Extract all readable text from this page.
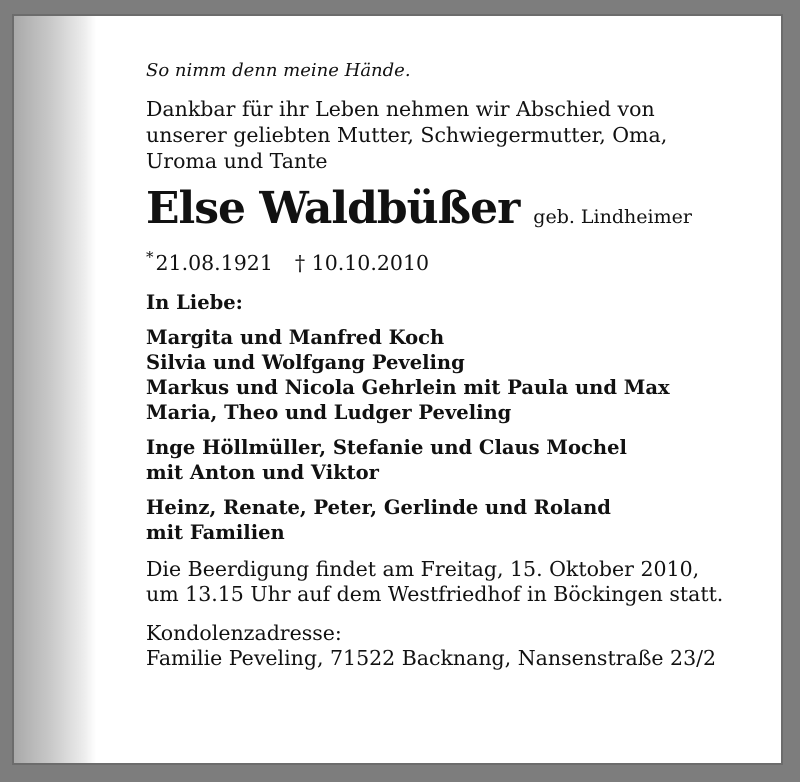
So nimm denn meine Hände.
Dankbar für ihr Leben nehmen wir Abschied von
unserer geliebten Mutter, Schwiegermutter, Oma,
Uroma und Tante
Else Waldbüßer geb. Lindheimer
*21.08.1921 † 10.10.2010
In Liebe:
Margita und Manfred Koch
Silvia und Wolfgang Peveling
Markus und Nicola Gehrlein mit Paula und Max
Maria, Theo und Ludger Peveling
Inge Höllmüller, Stefanie und Claus Mochel
mit Anton und Viktor
Heinz, Renate, Peter, Gerlinde und Roland
mit Familien
Die Beerdigung findet am Freitag, 15. Oktober 2010,
um 13.15 Uhr auf dem Westfriedhof in Böckingen statt.
Kondolenzadresse:
Familie Peveling, 71522 Backnang, Nansenstraße 23/2
